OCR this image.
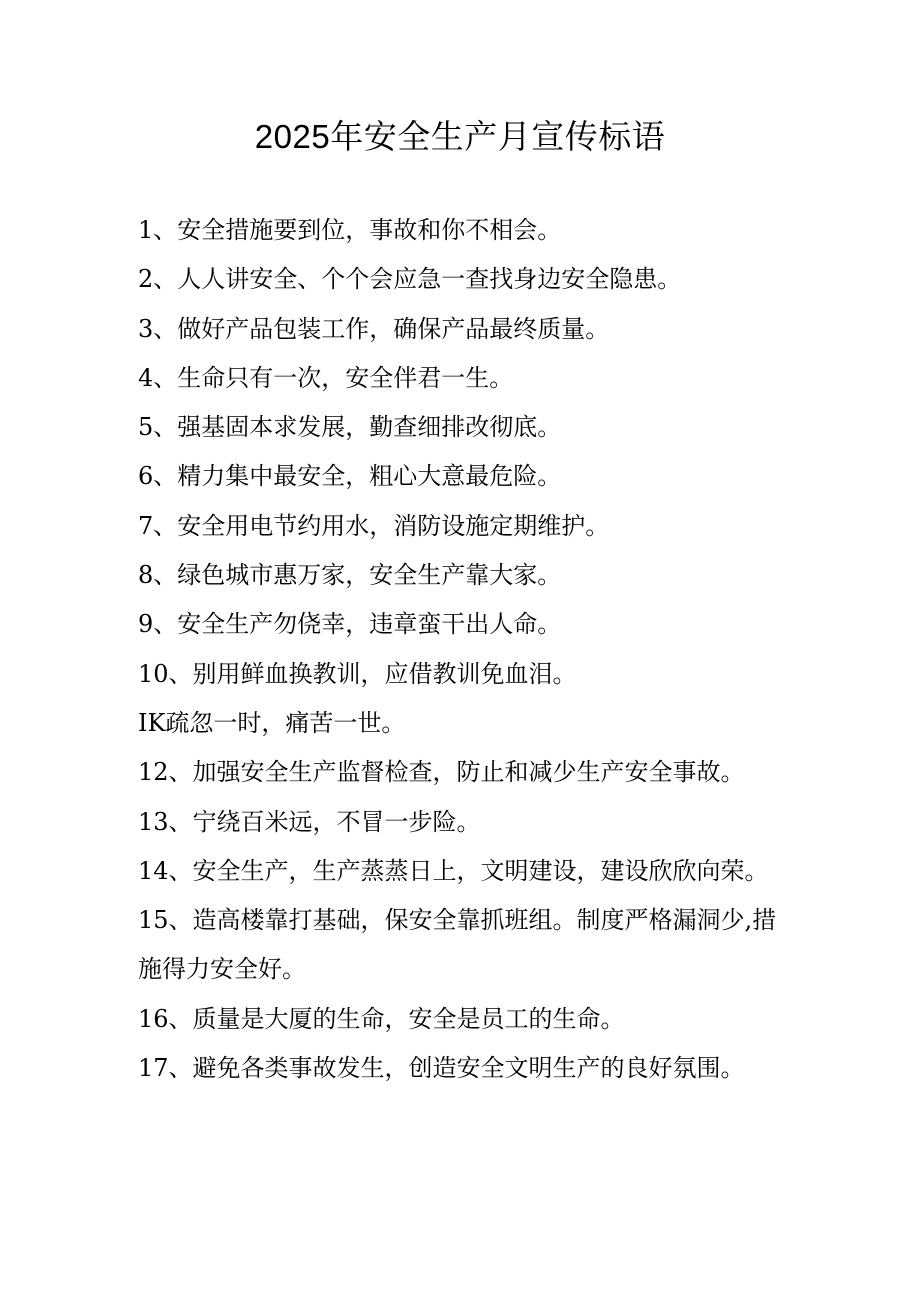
2025年安全生产月宣传标语
1、安全措施要到位，事故和你不相会。
2、人人讲安全、个个会应急一查找身边安全隐患。
3、做好产品包装工作，确保产品最终质量。
4、生命只有一次，安全伴君一生。
5、强基固本求发展，勤查细排改彻底。
6、精力集中最安全，粗心大意最危险。
7、安全用电节约用水，消防设施定期维护。
8、绿色城市惠万家，安全生产靠大家。
9、安全生产勿侥幸，违章蛮干出人命。
10、别用鲜血换教训，应借教训免血泪。
IK疏忽一时，痛苦一世。
12、加强安全生产监督检查，防止和减少生产安全事故。
13、宁绕百米远，不冒一步险。
14、安全生产，生产蒸蒸日上，文明建设，建设欣欣向荣。
15、造高楼靠打基础，保安全靠抓班组。制度严格漏洞少,措施得力安全好。
16、质量是大厦的生命，安全是员工的生命。
17、避免各类事故发生，创造安全文明生产的良好氛围。
